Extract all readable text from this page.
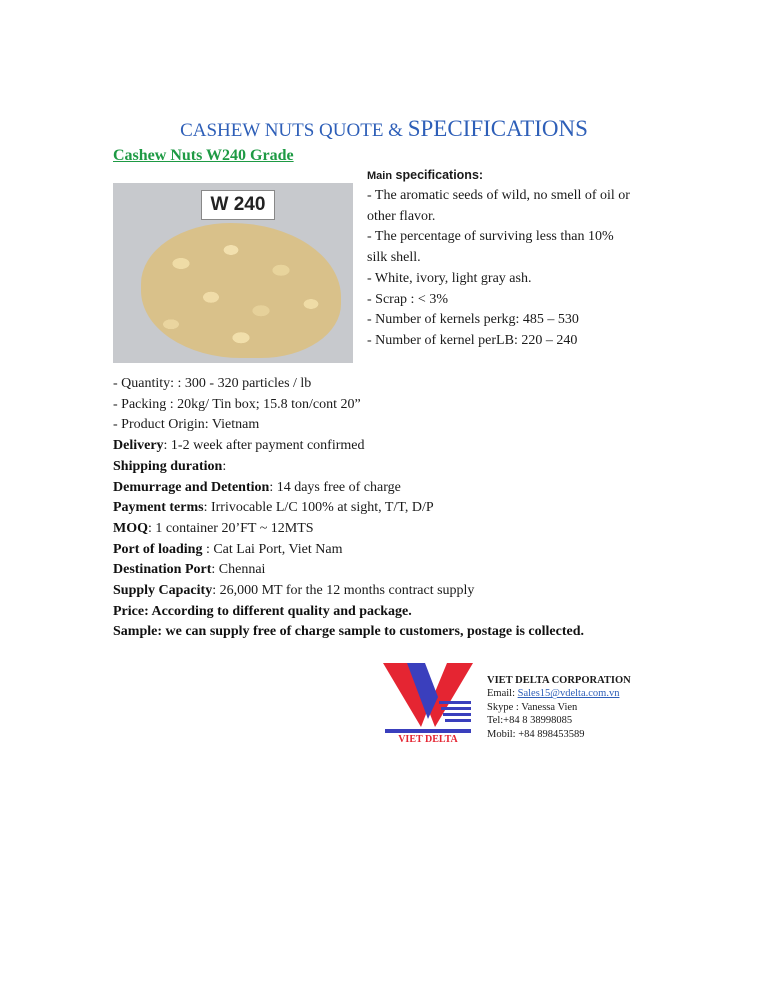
CASHEW NUTS QUOTE & SPECIFICATIONS
Cashew Nuts W240 Grade
W 240
Main specifications:
- The aromatic seeds of wild, no smell of oil or
other flavor.
- The percentage of surviving less than 10%
silk shell.
- White, ivory, light gray ash.
- Scrap : < 3%
- Number of kernels perkg: 485 – 530
- Number of kernel perLB: 220 – 240
- Quantity: : 300 - 320 particles / lb
- Packing : 20kg/ Tin box; 15.8 ton/cont 20”
- Product Origin: Vietnam
Delivery: 1-2 week after payment confirmed
Shipping duration:
Demurrage and Detention: 14 days free of charge
Payment terms: Irrivocable L/C 100% at sight, T/T, D/P
MOQ: 1 container 20’FT ~ 12MTS
Port of loading : Cat Lai Port, Viet Nam
Destination Port: Chennai
Supply Capacity: 26,000 MT for the 12 months contract supply
Price: According to different quality and package.
Sample: we can supply free of charge sample to customers, postage is collected.
VIET DELTA
VIET DELTA CORPORATION
Email: Sales15@vdelta.com.vn
Skype : Vanessa Vien
Tel:+84 8 38998085
Mobil: +84 898453589
